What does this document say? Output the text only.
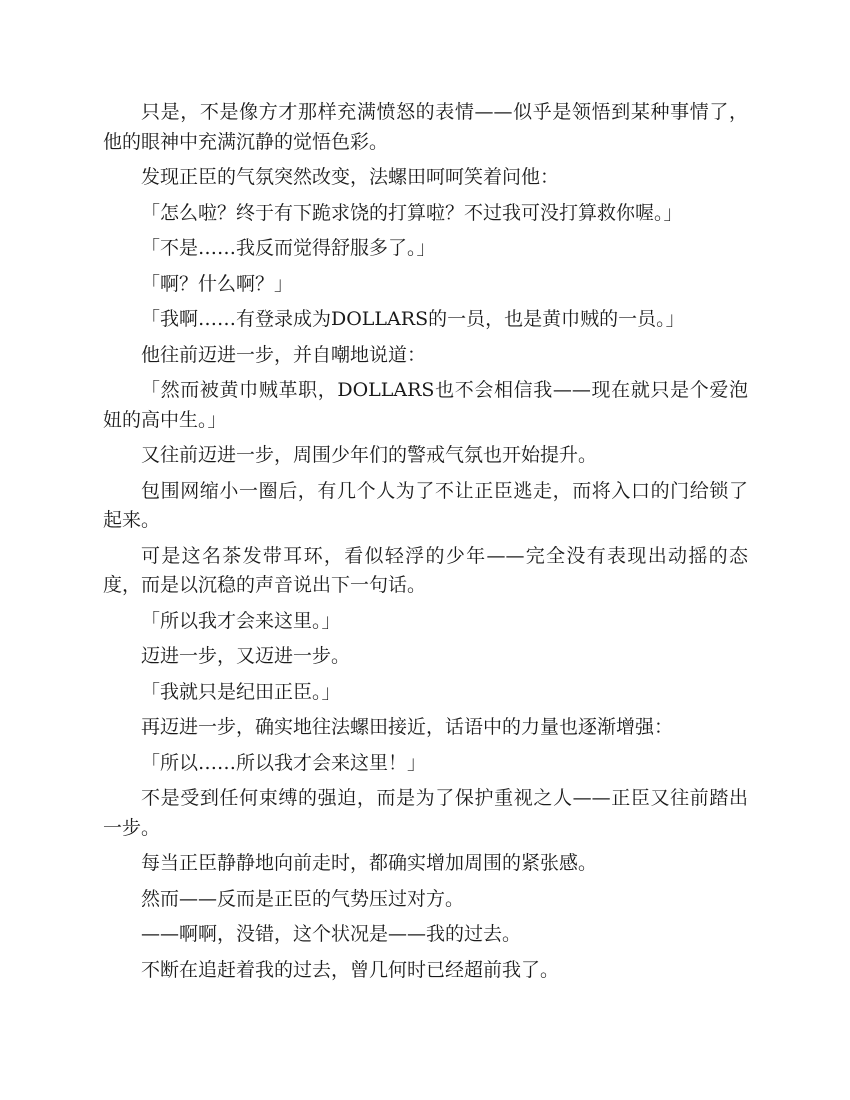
只是，不是像方才那样充满愤怒的表情——似乎是领悟到某种事情了，他的眼神中充满沉静的觉悟色彩。

发现正臣的气氛突然改变，法螺田呵呵笑着问他：

「怎么啦？终于有下跪求饶的打算啦？不过我可没打算救你喔。」

「不是……我反而觉得舒服多了。」

「啊？什么啊？」

「我啊……有登录成为DOLLARS的一员，也是黄巾贼的一员。」

他往前迈进一步，并自嘲地说道：

「然而被黄巾贼革职，DOLLARS也不会相信我——现在就只是个爱泡妞的高中生。」

又往前迈进一步，周围少年们的警戒气氛也开始提升。

包围网缩小一圈后，有几个人为了不让正臣逃走，而将入口的门给锁了起来。

可是这名茶发带耳环，看似轻浮的少年——完全没有表现出动摇的态度，而是以沉稳的声音说出下一句话。

「所以我才会来这里。」

迈进一步，又迈进一步。

「我就只是纪田正臣。」

再迈进一步，确实地往法螺田接近，话语中的力量也逐渐增强：

「所以……所以我才会来这里！」

不是受到任何束缚的强迫，而是为了保护重视之人——正臣又往前踏出一步。

每当正臣静静地向前走时，都确实增加周围的紧张感。

然而——反而是正臣的气势压过对方。

——啊啊，没错，这个状况是——我的过去。

不断在追赶着我的过去，曾几何时已经超前我了。
